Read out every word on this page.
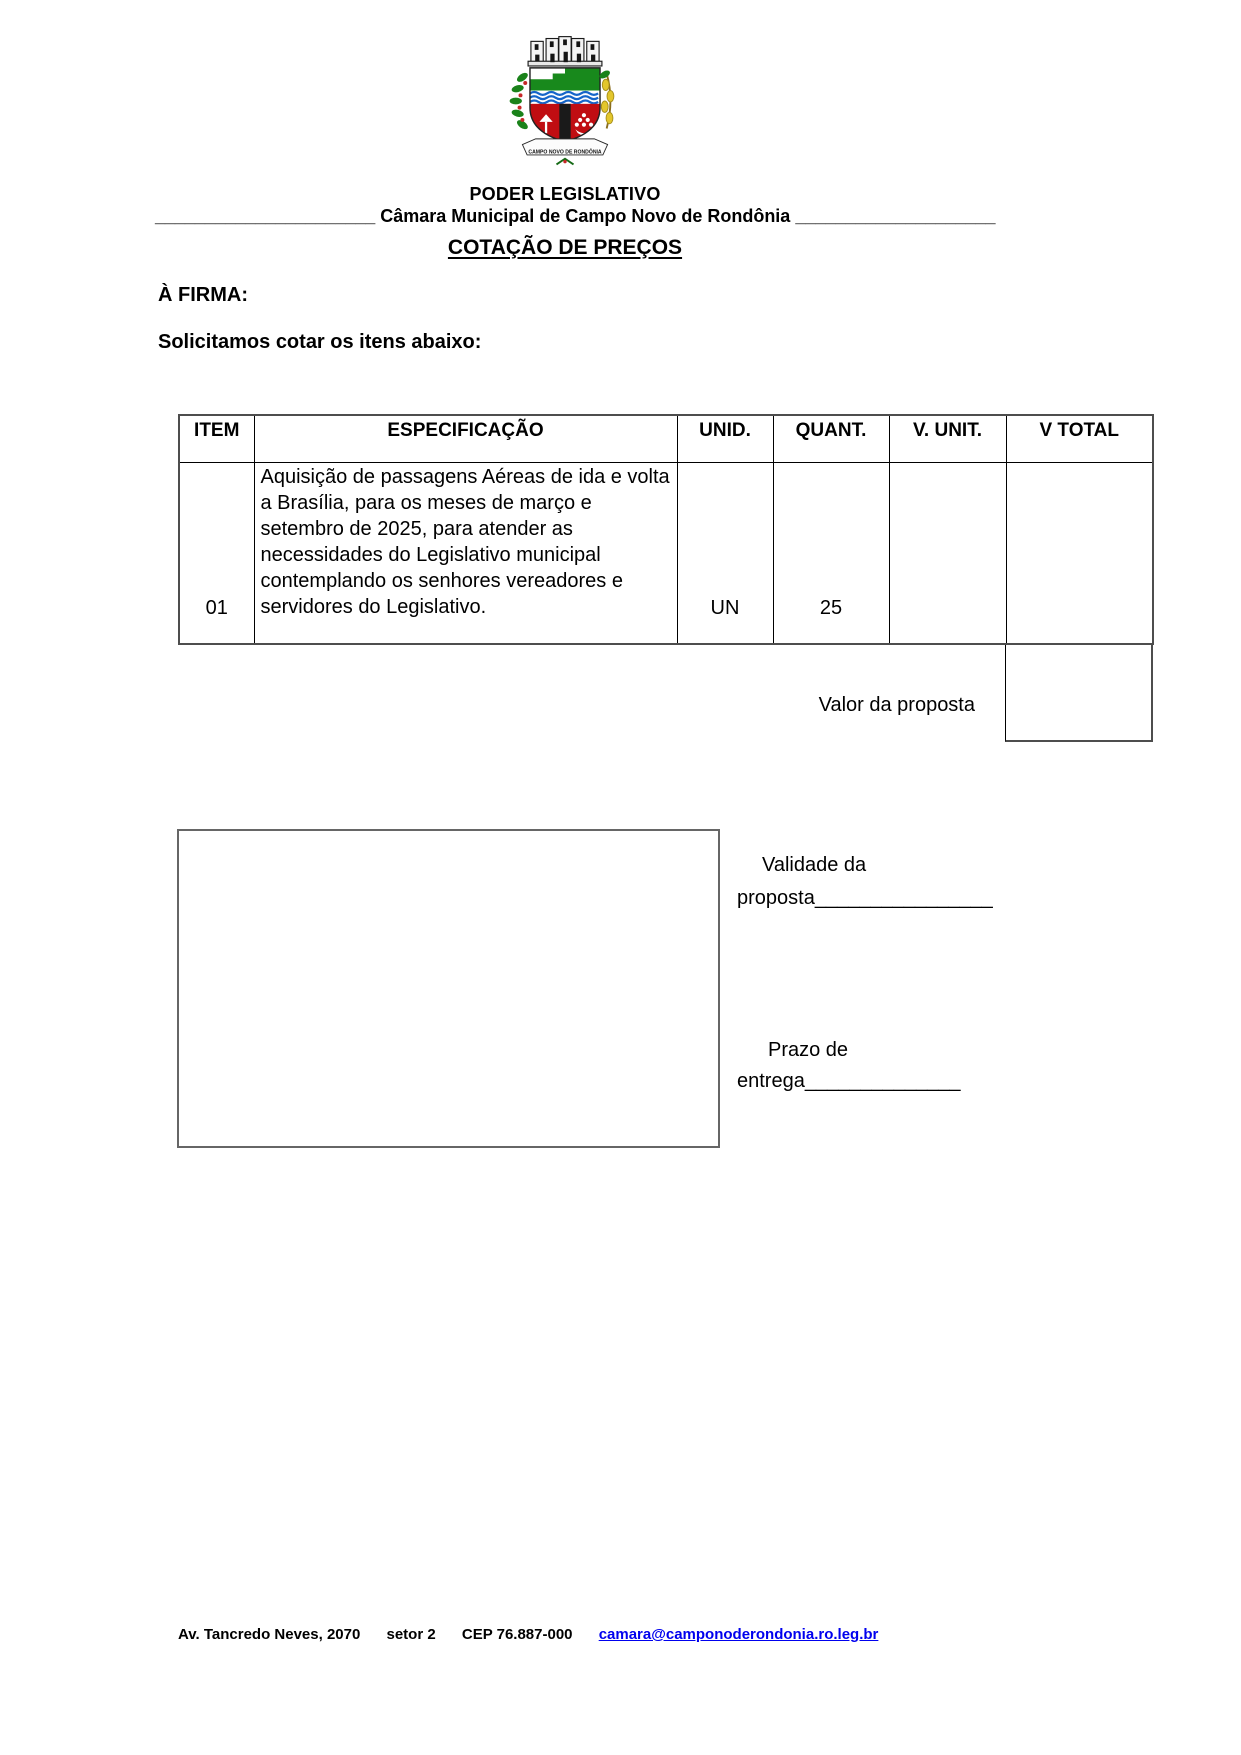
CAMPO NOVO DE RONDÔNIA
PODER LEGISLATIVO
______________________ Câmara Municipal de Campo Novo de Rondônia ____________________
COTAÇÃO DE PREÇOS
À FIRMA:
Solicitamos cotar os itens abaixo:
ITEM	ESPECIFICAÇÃO	UNID.	QUANT.	V. UNIT.	V TOTAL
01	Aquisição de passagens Aéreas de ida e volta a Brasília, para os meses de março e setembro de 2025, para atender as necessidades do Legislativo municipal contemplando os senhores vereadores e servidores do Legislativo.	UN	25		
Valor da proposta
Validade da
proposta________________
Prazo de
entrega______________
Av. Tancredo Neves, 2070 setor 2 CEP 76.887-000 camara@camponoderondonia.ro.leg.br
